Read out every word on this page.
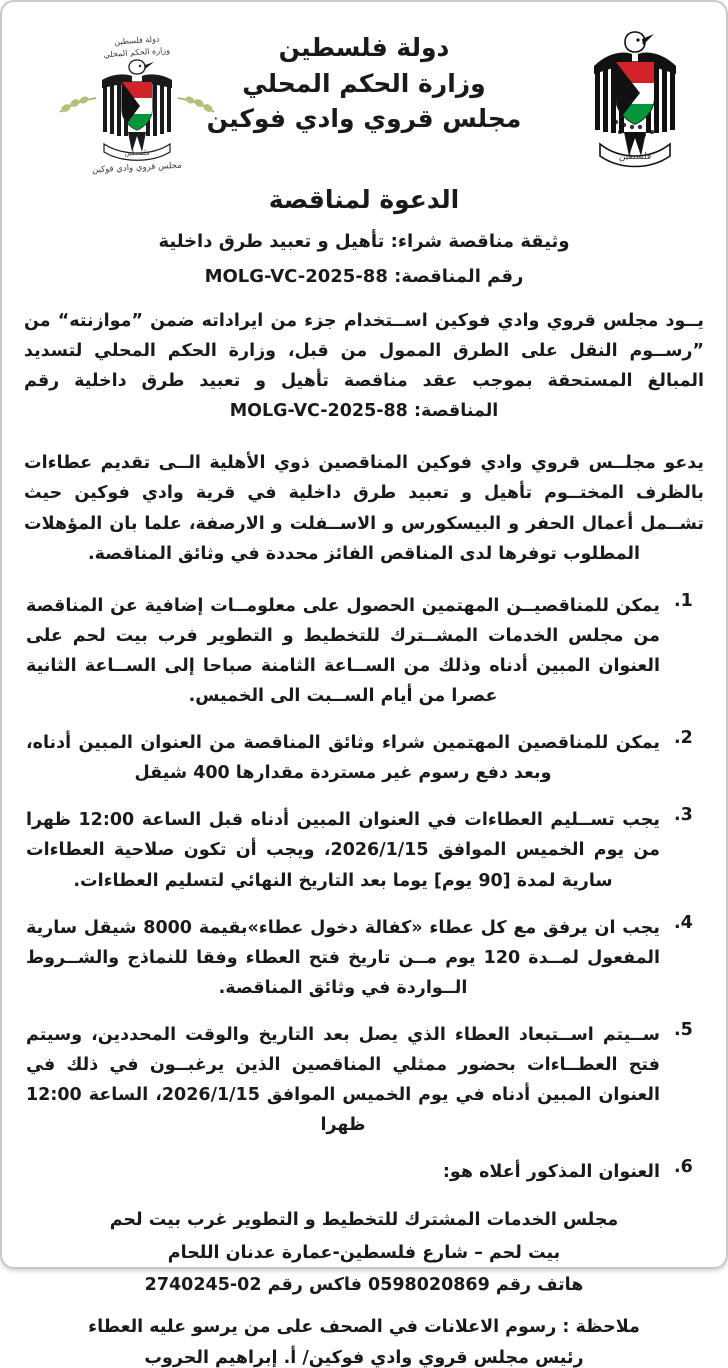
دولة فلسطين
وزارة الحكم المحلي
فلسطين
مجلس قروي وادي فوكين
دولة فلسطين
وزارة الحكم المحلي
مجلس قروي وادي فوكين
فلسطين
الدعوة لمناقصة
وثيقة مناقصة شراء: تأهيل و تعبيد طرق داخلية
رقم المناقصة: MOLG-VC-2025-88
يــود مجلس قروي وادي فوكين اســتخدام جزء من ايراداته ضمن ”موازنته“ من ”رســوم النقل على الطرق الممول من قبل، وزارة الحكم المحلي لتسديد المبالغ المستحقة بموجب عقد مناقصة تأهيل و تعبيد طرق داخلية رقم المناقصة: MOLG-VC-2025-88
يدعو مجلــس قروي وادي فوكين المناقصين ذوي الأهلية الــى تقديم عطاءات بالظرف المختــوم تأهيل و تعبيد طرق داخلية في قرية وادي فوكين حيث تشــمل أعمال الحفر و البيسكورس و الاســفلت و الارصفة، علما بان المؤهلات المطلوب توفرها لدى المناقص الفائز محددة في وثائق المناقصة.
.1
يمكن للمناقصيــن المهتمين الحصول على معلومــات إضافية عن المناقصة من مجلس الخدمات المشــترك للتخطيط و التطوير فرب بيت لحم على العنوان المبين أدناه وذلك من الســاعة الثامنة صباحا إلى الســاعة الثانية عصرا من أيام الســبت الى الخميس.
.2
يمكن للمناقصين المهتمين شراء وثائق المناقصة من العنوان المبين أدناه، وبعد دفع رسوم غير مستردة مقدارها 400 شيقل
.3
يجب تســليم العطاءات في العنوان المبين أدناه قبل الساعة 12:00 ظهرا من يوم الخميس الموافق 2026/1/15، ويجب أن تكون صلاحية العطاءات سارية لمدة [90 يوم] يوما بعد التاريخ النهائي لتسليم العطاءات.
.4
يجب ان يرفق مع كل عطاء «كفالة دخول عطاء»بقيمة 8000 شيقل سارية المفعول لمــدة 120 يوم مــن تاريخ فتح العطاء وفقا للنماذج والشــروط الــواردة في وثائق المناقصة.
.5
ســيتم اســتبعاد العطاء الذي يصل بعد التاريخ والوقت المحددين، وسيتم فتح العطــاءات بحضور ممثلي المناقصين الذين يرغبــون في ذلك في العنوان المبين أدناه في يوم الخميس الموافق 2026/1/15، الساعة 12:00 ظهرا
.6
العنوان المذكور أعلاه هو:
مجلس الخدمات المشترك للتخطيط و التطوير غرب بيت لحم
بيت لحم – شارع فلسطين-عمارة عدنان اللحام
هاتف رقم 0598020869 فاكس رقم 02-2740245
ملاحظة : رسوم الاعلانات في الصحف على من يرسو عليه العطاء
رئيس مجلس قروي وادي فوكين/ أ. إبراهيم الحروب
